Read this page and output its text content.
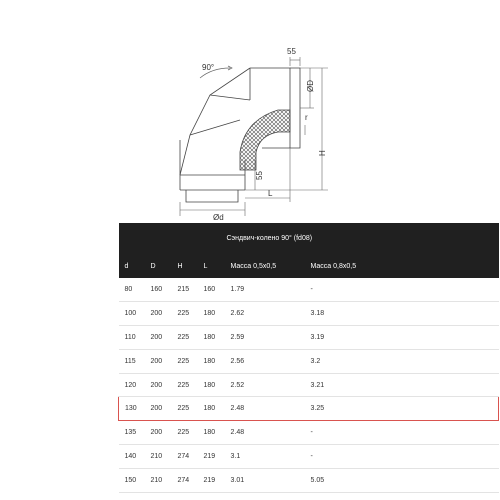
90°
55
ØD
r
H
55
L
Ød
Сэндвич-колено 90° (fd08)					
d	D	H	L	Масса 0,5х0,5	Масса 0,8х0,5
80	160	215	160	1.79	-
100	200	225	180	2.62	3.18
110	200	225	180	2.59	3.19
115	200	225	180	2.56	3.2
120	200	225	180	2.52	3.21
130	200	225	180	2.48	3.25
135	200	225	180	2.48	-
140	210	274	219	3.1	-
150	210	274	219	3.01	5.05
